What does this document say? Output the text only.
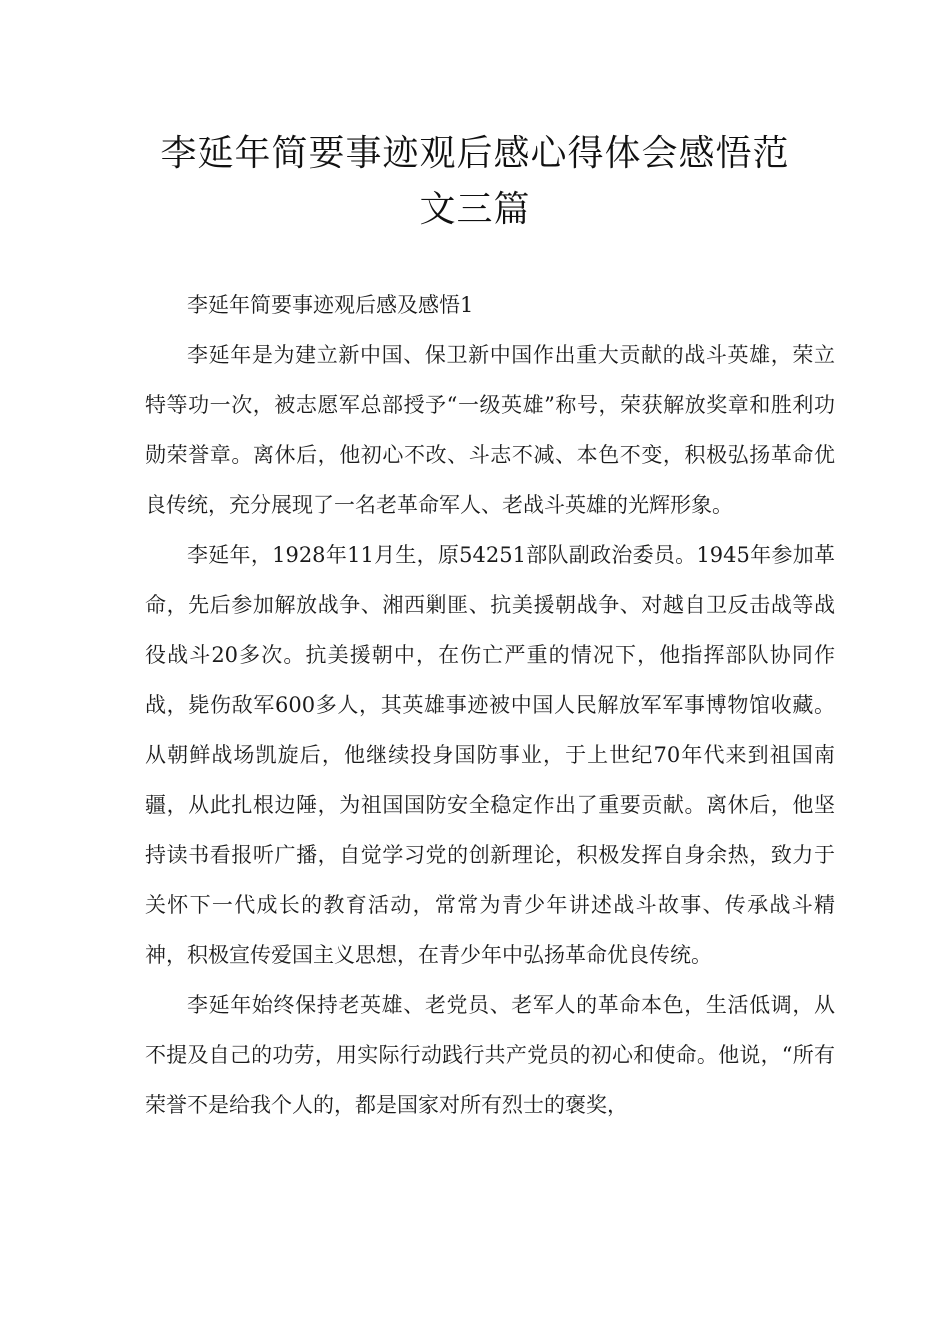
李延年简要事迹观后感心得体会感悟范
文三篇

李延年简要事迹观后感及感悟1

李延年是为建立新中国、保卫新中国作出重大贡献的战斗英雄，荣立特等功一次，被志愿军总部授予“一级英雄”称号，荣获解放奖章和胜利功勋荣誉章。离休后，他初心不改、斗志不减、本色不变，积极弘扬革命优良传统，充分展现了一名老革命军人、老战斗英雄的光辉形象。

李延年，1928年11月生，原54251部队副政治委员。1945年参加革命，先后参加解放战争、湘西剿匪、抗美援朝战争、对越自卫反击战等战役战斗20多次。抗美援朝中，在伤亡严重的情况下，他指挥部队协同作战，毙伤敌军600多人，其英雄事迹被中国人民解放军军事博物馆收藏。从朝鲜战场凯旋后，他继续投身国防事业，于上世纪70年代来到祖国南疆，从此扎根边陲，为祖国国防安全稳定作出了重要贡献。离休后，他坚持读书看报听广播，自觉学习党的创新理论，积极发挥自身余热，致力于关怀下一代成长的教育活动，常常为青少年讲述战斗故事、传承战斗精神，积极宣传爱国主义思想，在青少年中弘扬革命优良传统。

李延年始终保持老英雄、老党员、老军人的革命本色，生活低调，从不提及自己的功劳，用实际行动践行共产党员的初心和使命。他说，“所有荣誉不是给我个人的，都是国家对所有烈士的褒奖，
